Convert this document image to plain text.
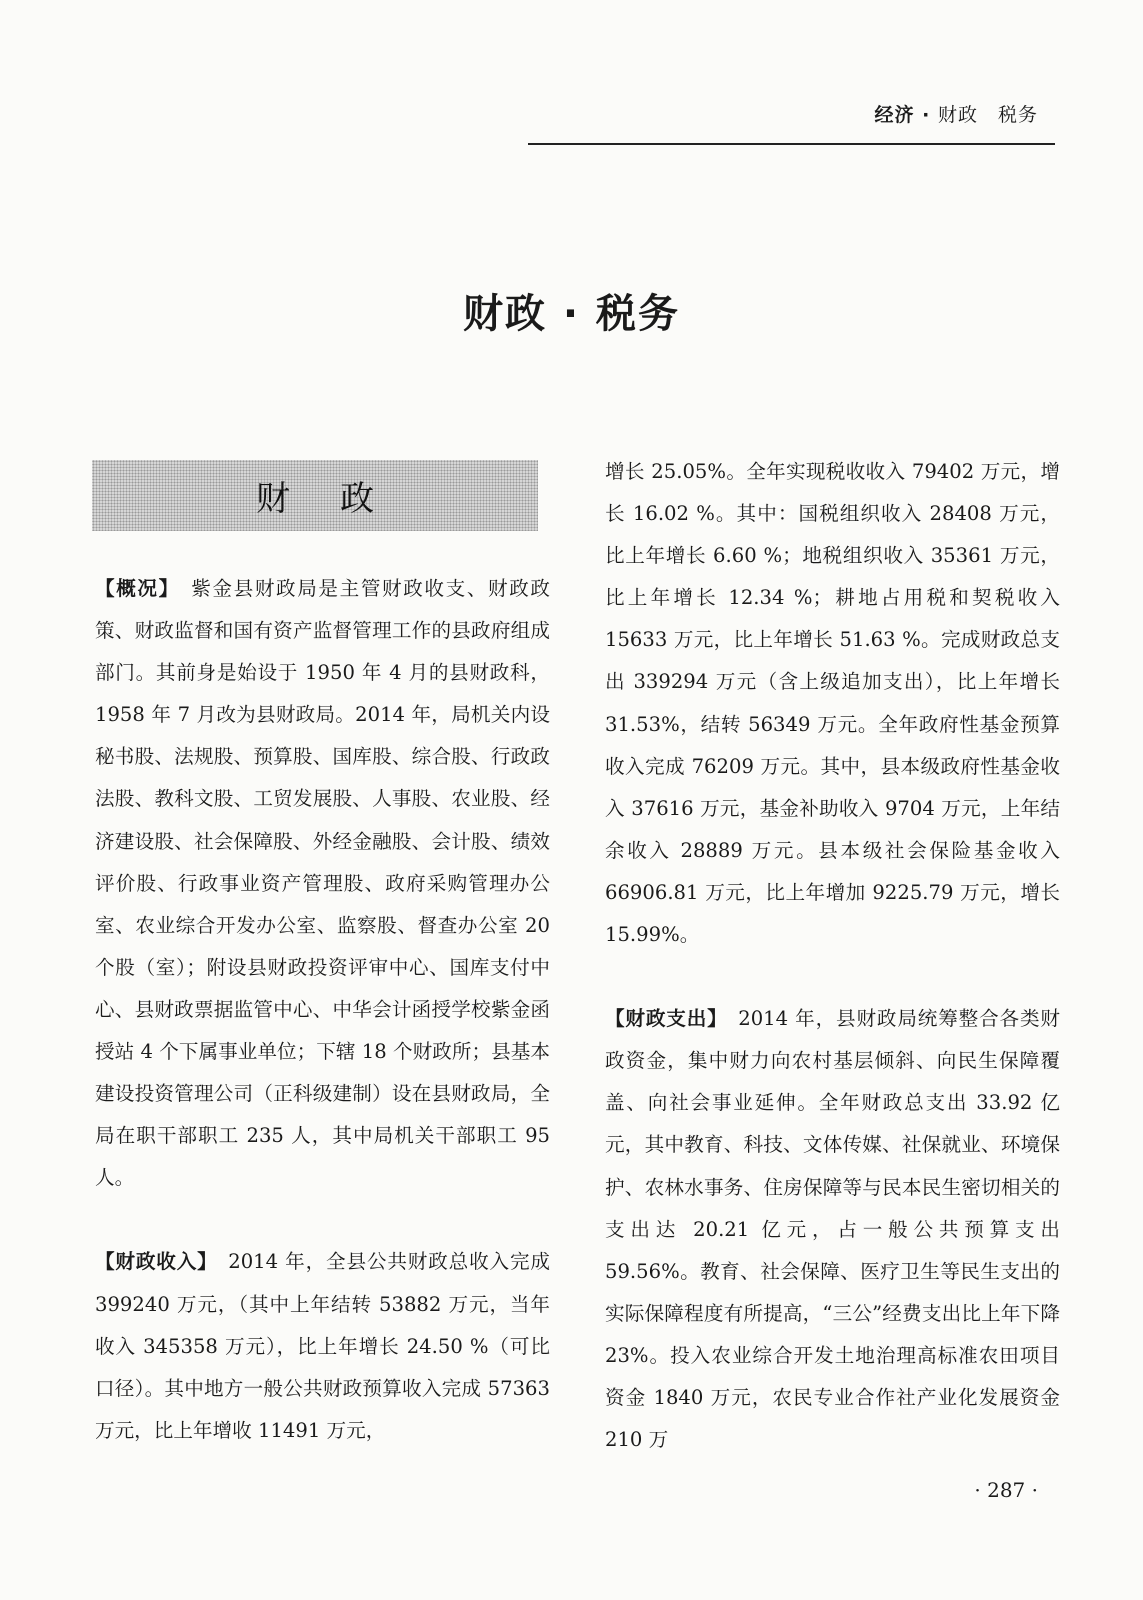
经济 · 财政　税务
财政 · 税务
财政

【概况】　紫金县财政局是主管财政收支、财政政策、财政监督和国有资产监督管理工作的县政府组成部门。其前身是始设于 1950 年 4 月的县财政科，1958 年 7 月改为县财政局。2014 年，局机关内设秘书股、法规股、预算股、国库股、综合股、行政政法股、教科文股、工贸发展股、人事股、农业股、经济建设股、社会保障股、外经金融股、会计股、绩效评价股、行政事业资产管理股、政府采购管理办公室、农业综合开发办公室、监察股、督查办公室 20 个股（室）；附设县财政投资评审中心、国库支付中心、县财政票据监管中心、中华会计函授学校紫金函授站 4 个下属事业单位；下辖 18 个财政所；县基本建设投资管理公司（正科级建制）设在县财政局，全局在职干部职工 235 人，其中局机关干部职工 95 人。

【财政收入】　2014 年，全县公共财政总收入完成 399240 万元，（其中上年结转 53882 万元，当年收入 345358 万元），比上年增长 24.50 %（可比口径）。其中地方一般公共财政预算收入完成 57363 万元，比上年增收 11491 万元，

增长 25.05%。全年实现税收收入 79402 万元，增长 16.02 %。其中：国税组织收入 28408 万元，比上年增长 6.60 %；地税组织收入 35361 万元，比上年增长 12.34 %；耕地占用税和契税收入 15633 万元，比上年增长 51.63 %。完成财政总支出 339294 万元（含上级追加支出），比上年增长 31.53%，结转 56349 万元。全年政府性基金预算收入完成 76209 万元。其中，县本级政府性基金收入 37616 万元，基金补助收入 9704 万元，上年结余收入 28889 万元。县本级社会保险基金收入 66906.81 万元，比上年增加 9225.79 万元，增长 15.99%。

【财政支出】　2014 年，县财政局统筹整合各类财政资金，集中财力向农村基层倾斜、向民生保障覆盖、向社会事业延伸。全年财政总支出 33.92 亿元，其中教育、科技、文体传媒、社保就业、环境保护、农林水事务、住房保障等与民本民生密切相关的支出达 20.21 亿元，占一般公共预算支出 59.56%。教育、社会保障、医疗卫生等民生支出的实际保障程度有所提高，“三公”经费支出比上年下降 23%。投入农业综合开发土地治理高标准农田项目资金 1840 万元，农民专业合作社产业化发展资金 210 万

· 287 ·
